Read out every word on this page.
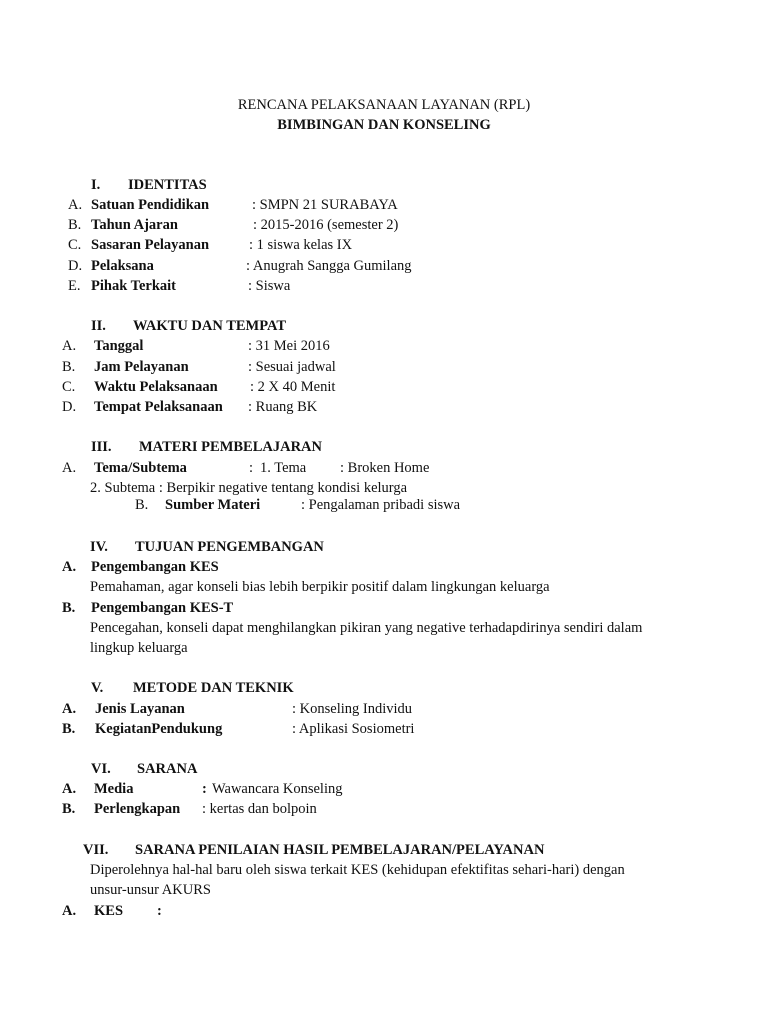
RENCANA PELAKSANAAN LAYANAN (RPL)
BIMBINGAN DAN KONSELING
I. IDENTITAS
A. Satuan Pendidikan	: SMPN 21 SURABAYA
B. Tahun Ajaran	: 2015-2016 (semester 2)
C. Sasaran Pelayanan	: 1 siswa kelas IX
D. Pelaksana	: Anugrah Sangga Gumilang
E. Pihak Terkait	: Siswa
II. WAKTU DAN TEMPAT
A. Tanggal	: 31 Mei 2016
B. Jam Pelayanan	: Sesuai jadwal
C. Waktu Pelaksanaan : 2 X 40 Menit
D. Tempat Pelaksanaan : Ruang BK
III. MATERI PEMBELAJARAN
A. Tema/Subtema	: 1. Tema : Broken Home
2. Subtema : Berpikir negative tentang kondisi kelurga
B. Sumber Materi	: Pengalaman pribadi siswa
IV. TUJUAN PENGEMBANGAN
A. Pengembangan KES
Pemahaman, agar konseli bias lebih berpikir positif dalam lingkungan keluarga
B. Pengembangan KES-T
Pencegahan, konseli dapat menghilangkan pikiran yang negative terhadapdirinya sendiri dalam
lingkup keluarga
V. METODE DAN TEKNIK
A. Jenis Layanan	: Konseling Individu
B. KegiatanPendukung	: Aplikasi Sosiometri
VI. SARANA
A. Media	: Wawancara Konseling
B. Perlengkapan : kertas dan bolpoin
VII. SARANA PENILAIAN HASIL PEMBELAJARAN/PELAYANAN
Diperolehnya hal-hal baru oleh siswa terkait KES (kehidupan efektifitas sehari-hari) dengan
unsur-unsur AKURS
A. KES :
